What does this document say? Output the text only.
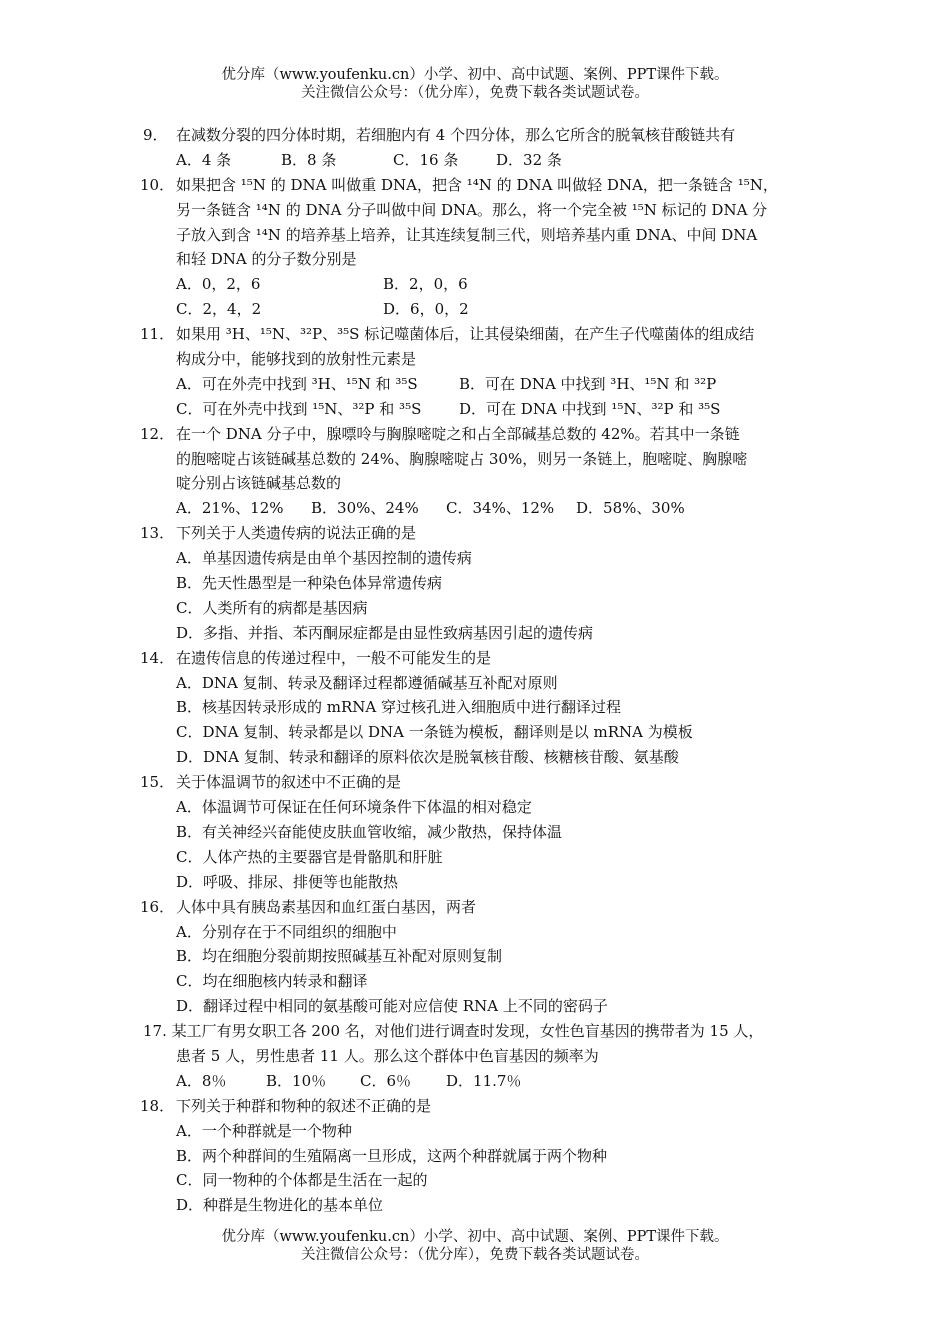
优分库（www.youfenku.cn）小学、初中、高中试题、案例、PPT课件下载。
关注微信公众号：（优分库），免费下载各类试题试卷。
9． 在减数分裂的四分体时期，若细胞内有 4 个四分体，那么它所含的脱氧核苷酸链共有
A．4 条	B．8 条	C．16 条	D．32 条
10． 如果把含 ¹⁵N 的 DNA 叫做重 DNA，把含 ¹⁴N 的 DNA 叫做轻 DNA，把一条链含 ¹⁵N，
另一条链含 ¹⁴N 的 DNA 分子叫做中间 DNA。那么，将一个完全被 ¹⁵N 标记的 DNA 分
子放入到含 ¹⁴N 的培养基上培养，让其连续复制三代，则培养基内重 DNA、中间 DNA
和轻 DNA 的分子数分别是
A．0，2，6	B．2，0，6
C．2，4，2	D．6，0，2
11． 如果用 ³H、¹⁵N、³²P、³⁵S 标记噬菌体后，让其侵染细菌，在产生子代噬菌体的组成结
构成分中，能够找到的放射性元素是
A．可在外壳中找到 ³H、¹⁵N 和 ³⁵S	B．可在 DNA 中找到 ³H、¹⁵N 和 ³²P
C．可在外壳中找到 ¹⁵N、³²P 和 ³⁵S	D．可在 DNA 中找到 ¹⁵N、³²P 和 ³⁵S
12． 在一个 DNA 分子中，腺嘌呤与胸腺嘧啶之和占全部碱基总数的 42%。若其中一条链
的胞嘧啶占该链碱基总数的 24%、胸腺嘧啶占 30%，则另一条链上，胞嘧啶、胸腺嘧
啶分别占该链碱基总数的
A．21%、12% B．30%、24% C．34%、12% D．58%、30%
13． 下列关于人类遗传病的说法正确的是
A．单基因遗传病是由单个基因控制的遗传病
B．先天性愚型是一种染色体异常遗传病
C．人类所有的病都是基因病
D．多指、并指、苯丙酮尿症都是由显性致病基因引起的遗传病
14． 在遗传信息的传递过程中，一般不可能发生的是
A．DNA 复制、转录及翻译过程都遵循碱基互补配对原则
B．核基因转录形成的 mRNA 穿过核孔进入细胞质中进行翻译过程
C．DNA 复制、转录都是以 DNA 一条链为模板，翻译则是以 mRNA 为模板
D．DNA 复制、转录和翻译的原料依次是脱氧核苷酸、核糖核苷酸、氨基酸
15． 关于体温调节的叙述中不正确的是
A．体温调节可保证在任何环境条件下体温的相对稳定
B．有关神经兴奋能使皮肤血管收缩，减少散热，保持体温
C．人体产热的主要器官是骨骼肌和肝脏
D．呼吸、排尿、排便等也能散热
16． 人体中具有胰岛素基因和血红蛋白基因，两者
A．分别存在于不同组织的细胞中
B．均在细胞分裂前期按照碱基互补配对原则复制
C．均在细胞核内转录和翻译
D．翻译过程中相同的氨基酸可能对应信使 RNA 上不同的密码子
17. 某工厂有男女职工各 200 名，对他们进行调查时发现，女性色盲基因的携带者为 15 人，
患者 5 人，男性患者 11 人。那么这个群体中色盲基因的频率为
A．8％	B．10％ C．6％ D．11.7％
18． 下列关于种群和物种的叙述不正确的是
A．一个种群就是一个物种
B．两个种群间的生殖隔离一旦形成，这两个种群就属于两个物种
C．同一物种的个体都是生活在一起的
D．种群是生物进化的基本单位
优分库（www.youfenku.cn）小学、初中、高中试题、案例、PPT课件下载。
关注微信公众号：（优分库），免费下载各类试题试卷。
